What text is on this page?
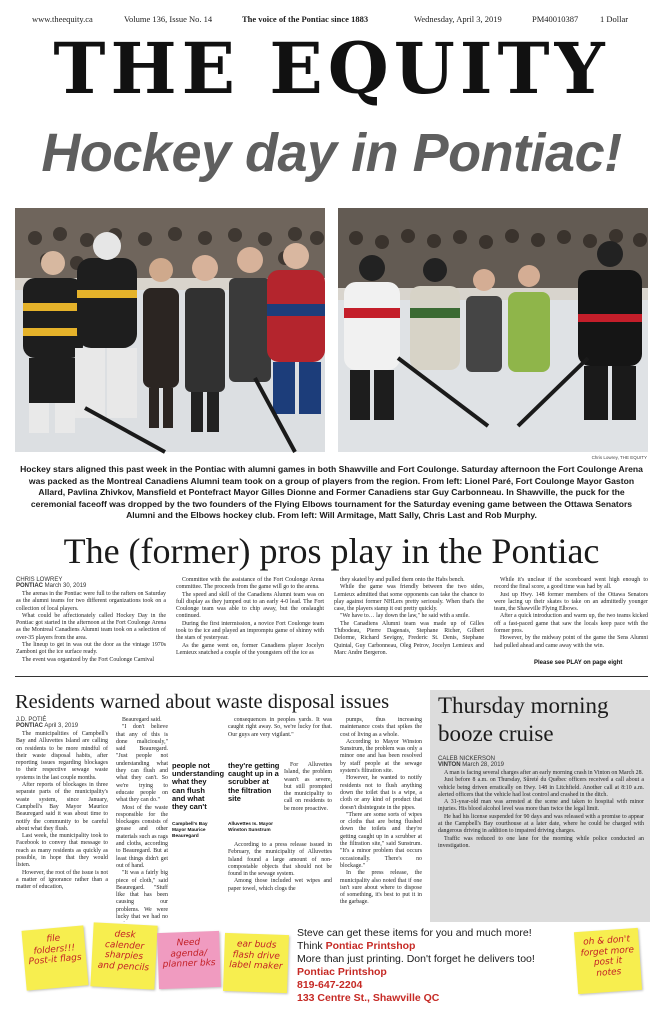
www.theequity.ca	Volume 136, Issue No. 14	The voice of the Pontiac since 1883	Wednesday, April 3, 2019	PM40010387	1 Dollar
THE EQUITY
Hockey day in Pontiac!
Chris Lowrey, THE EQUITY
Hockey stars aligned this past week in the Pontiac with alumni games in both Shawville and Fort Coulonge. Saturday afternoon the Fort Coulonge Arena was packed as the Montreal Canadiens Alumni team took on a group of players from the region. From left: Lionel Paré, Fort Coulonge Mayor Gaston Allard, Pavlina Zhivkov, Mansfield et Pontefract Mayor Gilles Dionne and Former Canadiens star Guy Carbonneau. In Shawville, the puck for the ceremonial faceoff was dropped by the two founders of the Flying Elbows tournament for the Saturday evening game between the Ottawa Senators Alumni and the Elbows hockey club. From left: Will Armitage, Matt Sally, Chris Last and Rob Murphy.
The (former) pros play in the Pontiac
CHRIS LOWREY
PONTIAC March 30, 2019

The arenas in the Pontiac were full to the rafters on Saturday as the alumni teams for two different organizations took on a collection of local players.

What could be affectionately called Hockey Day in the Pontiac got started in the afternoon at the Fort Coulonge Arena as the Montreal Canadiens Alumni team took on a selection of over-35 players from the area.

The lineup to get in was out the door as the vintage 1970s Zamboni got the ice surface ready.

The event was organized by the Fort Coulonge Carnival

Committee with the assistance of the Fort Coulonge Arena committee. The proceeds from the game will go to the arena.

The speed and skill of the Canadiens Alumni team was on full display as they jumped out to an early 4-0 lead. The Fort Coulonge team was able to chip away, but the onslaught continued.

During the first intermission, a novice Fort Coulonge team took to the ice and played an impromptu game of shinny with the stars of yesteryear.

As the game went on, former Canadiens player Jocelyn Lemieux snatched a couple of the youngsters off the ice as

they skated by and pulled them onto the Habs bench.

While the game was friendly between the two sides, Lemieux admitted that some opponents can take the chance to play against former NHLers pretty seriously. When that's the case, the players stamp it out pretty quickly.

"We have to… lay down the law," he said with a smile.

The Canadiens Alumni team was made up of Gilles Thibodeau, Pierre Dagenais, Stephane Richer, Gilbert Delorme, Richard Sevigny, Frederic St. Denis, Stephane Quintal, Guy Carbonneau, Oleg Petrov, Jocelyn Lemieux and Marc Andre Bergeron.

While it's unclear if the scoreboard went high enough to record the final score, a good time was had by all.

Just up Hwy. 148 former members of the Ottawa Senators were lacing up their skates to take on an admittedly younger team, the Shawville Flying Elbows.

After a quick introduction and warm up, the two teams kicked off a fast-paced game that saw the locals keep pace with the former pros.

However, by the midway point of the game the Sens Alumni had pulled ahead and came away with the win.

Please see PLAY on page eight
Residents warned about waste disposal issues
J.D. POTIÉ
PONTIAC April 3, 2019

The municipalities of Campbell's Bay and Alluvettes Island are calling on residents to be more mindful of their waste disposal habits, after reporting issues regarding blockages to their respective sewage waste systems in the last couple months.

After reports of blockages in three separate parts of the municipality's waste system, since January, Campbell's Bay Mayor Maurice Beauregard said it was about time to notify the community to be careful about what they flush.

Last week, the municipality took to Facebook to convey that message to reach as many residents as quickly as possible, in hope that they would listen.

However, the root of the issue is not a matter of ignorance rather than a matter of education,

Beauregard said.

"I don't believe that any of this is done maliciously," said Beauregard. "Just people not understanding what they can flush and what they can't. So we're trying to educate people on what they can do."

Most of the waste responsible for the blockages consists of grease and other materials such as rags and cloths, according to Beauregard. But at least things didn't get out of hand.

"It was a fairly big piece of cloth," said Beauregard. "Stuff like that has been causing our problems. We were lucky that we had no

people not understanding what they can flush and what they can't
Campbell's Bay Mayor Maurice Beauregard
they're getting caught up in a scrubber at the filtration site
Alluvettes Is. Mayor Winston Sunstrum

consequences in peoples yards. It was caught right away. So, we're lucky for that. Our guys are very vigilant."

For Alluvettes Island, the problem wasn't as severe, but still prompted the municipality to call on residents to be more proactive.

According to a press release issued in February, the municipality of Alluvettes Island found a large amount of non-compostable objects that should not be found in the sewage system.

Among those included wet wipes and paper towel, which clogs the

pumps, thus increasing maintenance costs that spikes the cost of living as a whole.

According to Mayor Winston Sunstrum, the problem was only a minor one and has been resolved by staff people at the sewage system's filtration site.

However, he wanted to notify residents not to flush anything down the toilet that is a wipe, a cloth or any kind of product that doesn't disintegrate in the pipes.

"There are some sorts of wipes or cloths that are being flushed down the toilets and they're getting caught up in a scrubber at the filtration site," said Sunstrum. "It's a minor problem that occurs occasionally. There's no blockage."

In the press release, the municipality also noted that if one isn't sure about where to dispose of something, it's best to put it in the garbage.

Thursday morning booze cruise
CALEB NICKERSON
VINTON March 28, 2019

A man is facing several charges after an early morning crash in Vinton on March 28.

Just before 8 a.m. on Thursday, Sûreté du Québec officers received a call about a vehicle being driven erratically on Hwy. 148 in Litchfield. Another call at 8:10 a.m. alerted officers that the vehicle had lost control and crashed in the ditch.

A 31-year-old man was arrested at the scene and taken to hospital with minor injuries. His blood alcohol level was more than twice the legal limit.

He had his license suspended for 90 days and was released with a promise to appear at the Campbell's Bay courthouse at a later date, where he could be charged with dangerous driving in addition to impaired driving charges.

Traffic was reduced to one lane for the morning while police conducted an investigation.

file folders!!! Post-it flags
desk calender sharpies and pencils
Need agenda/ planner bks
ear buds flash drive label maker
oh & don't forget more post it notes
Steve can get these items for you and much more!
Think Pontiac Printshop
More than just printing. Don't forget he delivers too!
Pontiac Printshop
819-647-2204
133 Centre St., Shawville QC
